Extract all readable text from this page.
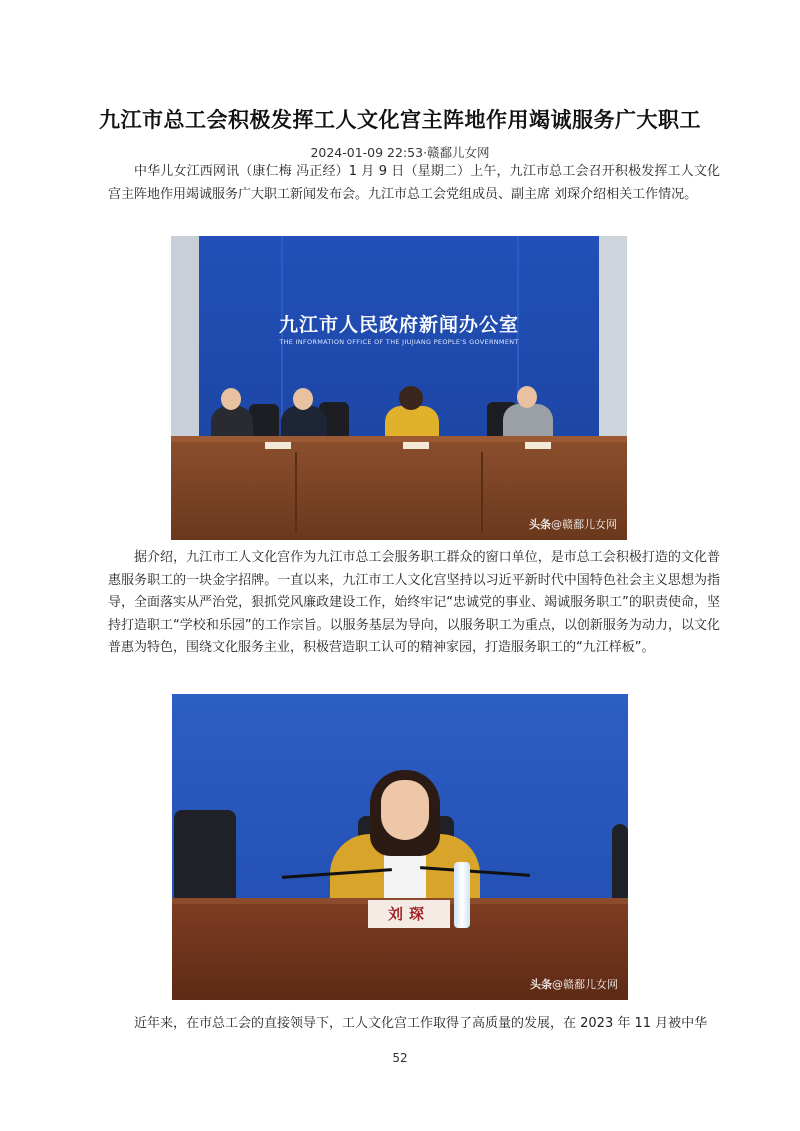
九江市总工会积极发挥工人文化宫主阵地作用竭诚服务广大职工
2024-01-09 22:53·赣鄱儿女网

中华儿女江西网讯（康仁梅 冯正经）1 月 9 日（星期二）上午，九江市总工会召开积极发挥工人文化宫主阵地作用竭诚服务广大职工新闻发布会。九江市总工会党组成员、副主席 刘琛介绍相关工作情况。

九江市人民政府新闻办公室
THE INFORMATION OFFICE OF THE JIUJIANG PEOPLE'S GOVERNMENT
头条@赣鄱儿女网

据介绍，九江市工人文化宫作为九江市总工会服务职工群众的窗口单位，是市总工会积极打造的文化普惠服务职工的一块金字招牌。一直以来，九江市工人文化宫坚持以习近平新时代中国特色社会主义思想为指导，全面落实从严治党，狠抓党风廉政建设工作，始终牢记“忠诚党的事业、竭诚服务职工”的职责使命，坚持打造职工“学校和乐园”的工作宗旨。以服务基层为导向，以服务职工为重点，以创新服务为动力，以文化普惠为特色，围绕文化服务主业，积极营造职工认可的精神家园，打造服务职工的“九江样板”。

刘琛
头条@赣鄱儿女网

近年来，在市总工会的直接领导下，工人文化宫工作取得了高质量的发展，在 2023 年 11 月被中华

52
